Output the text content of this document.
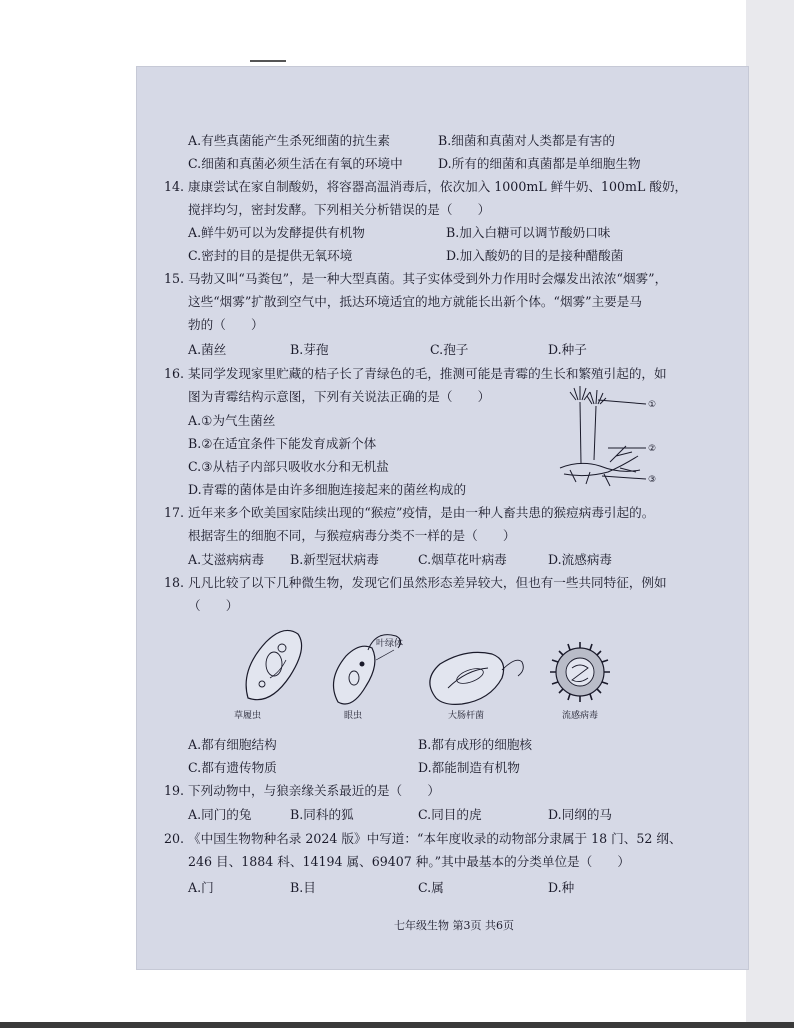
A.有些真菌能产生杀死细菌的抗生素	B.细菌和真菌对人类都是有害的
C.细菌和真菌必须生活在有氧的环境中	D.所有的细菌和真菌都是单细胞生物
14. 康康尝试在家自制酸奶，将容器高温消毒后，依次加入 1000mL 鲜牛奶、100mL 酸奶，
搅拌均匀，密封发酵。下列相关分析错误的是（　　）
A.鲜牛奶可以为发酵提供有机物	B.加入白糖可以调节酸奶口味
C.密封的目的是提供无氧环境	D.加入酸奶的目的是接种醋酸菌
15. 马勃又叫“马粪包”，是一种大型真菌。其子实体受到外力作用时会爆发出浓浓“烟雾”，
这些“烟雾”扩散到空气中，抵达环境适宜的地方就能长出新个体。“烟雾”主要是马
勃的（　　）
A.菌丝	B.芽孢	C.孢子	D.种子
16. 某同学发现家里贮藏的桔子长了青绿色的毛，推测可能是青霉的生长和繁殖引起的，如
图为青霉结构示意图，下列有关说法正确的是（　　）
A.①为气生菌丝
B.②在适宜条件下能发育成新个体
C.③从桔子内部只吸收水分和无机盐
D.青霉的菌体是由许多细胞连接起来的菌丝构成的
17. 近年来多个欧美国家陆续出现的“猴痘”疫情，是由一种人畜共患的猴痘病毒引起的。
根据寄生的细胞不同，与猴痘病毒分类不一样的是（　　）
A.艾滋病病毒 B.新型冠状病毒	C.烟草花叶病毒	D.流感病毒
18. 凡凡比较了以下几种微生物，发现它们虽然形态差异较大，但也有一些共同特征，例如
（　　）
A.都有细胞结构	B.都有成形的细胞核
C.都有遗传物质	D.都能制造有机物
19. 下列动物中，与狼亲缘关系最近的是（　　）
A.同门的兔	B.同科的狐	C.同目的虎	D.同纲的马
20. 《中国生物物种名录 2024 版》中写道：“本年度收录的动物部分隶属于 18 门、52 纲、
246 目、1884 科、14194 属、69407 种。”其中最基本的分类单位是（　　）
A.门	B.目	C.属	D.种
①
②
③
叶绿体
草履虫	眼虫	大肠杆菌	流感病毒
七年级生物 第3页 共6页
